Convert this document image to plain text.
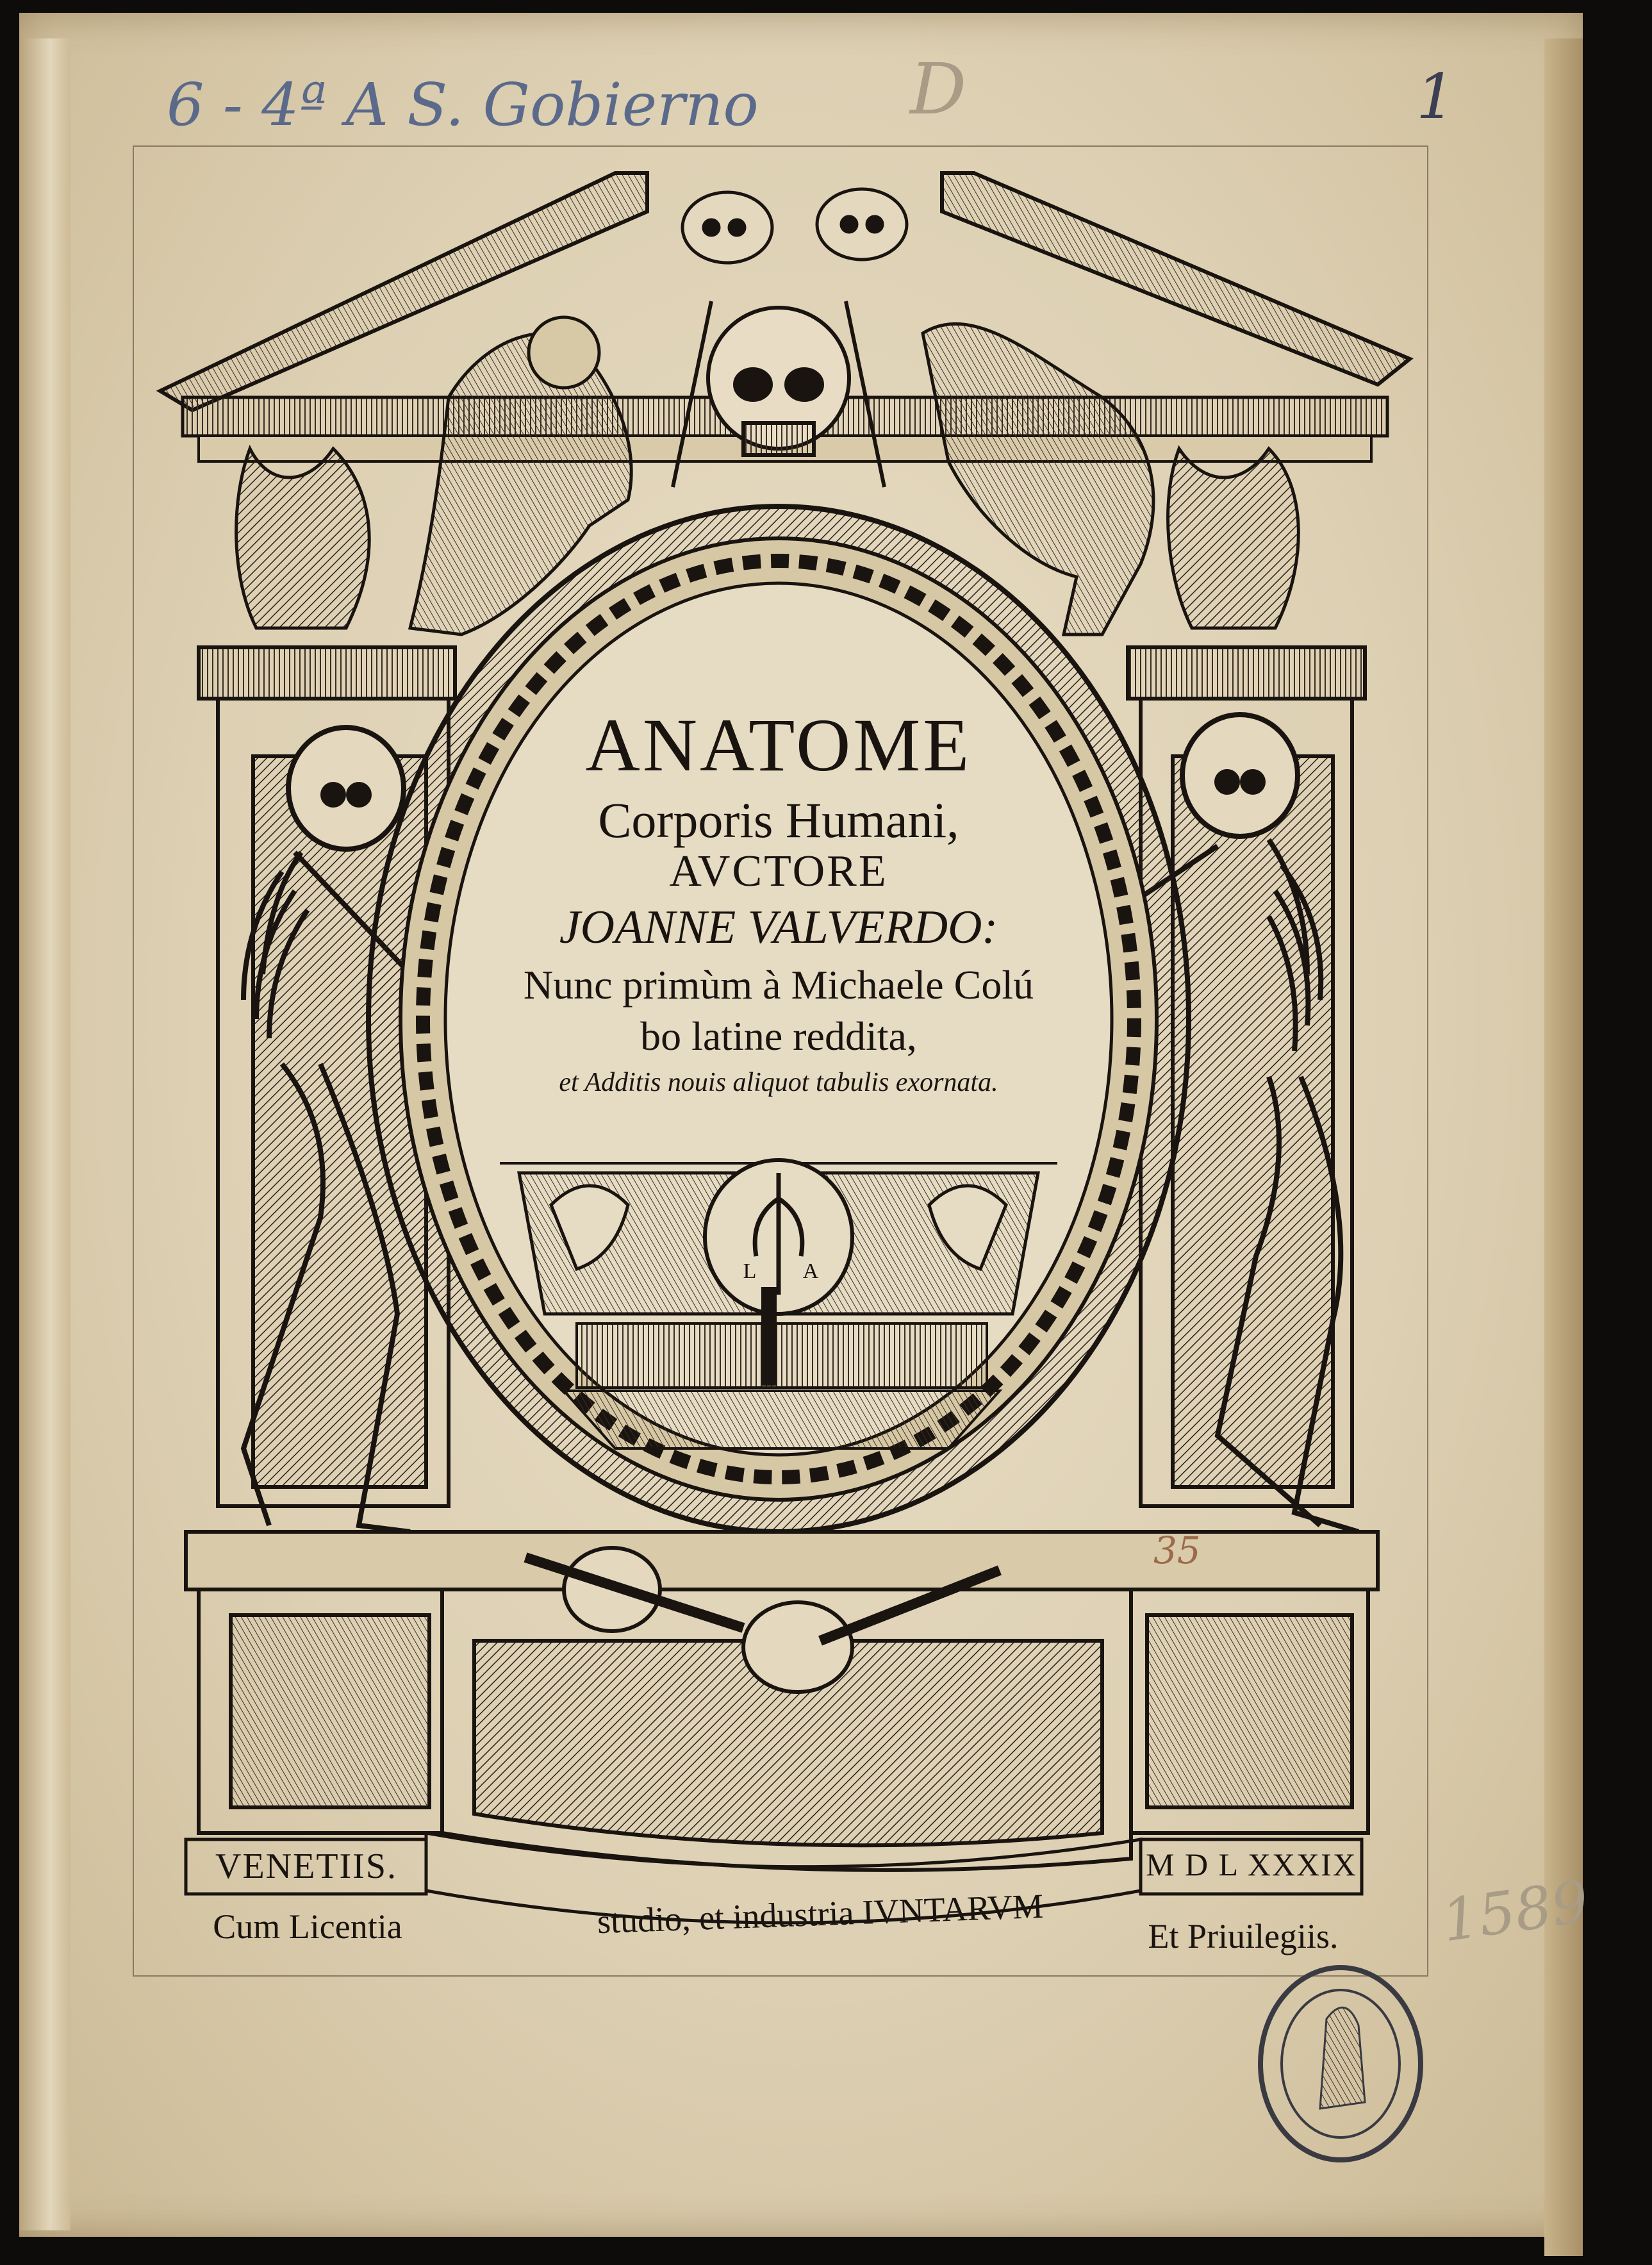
6 - 4ª A S. Gobierno D	1
35
1589
ANATOME
Corporis Humani,
AVCTORE
JOANNE VALVERDO:
Nunc primùm à Michaele Colú
bo latine reddita,
et Additis nouis aliquot tabulis exornata.
L A
VENETIIS.
studio, et industria IVNTARVM
M D L XXXIX
Cum Licentia	Et Priuilegiis.
